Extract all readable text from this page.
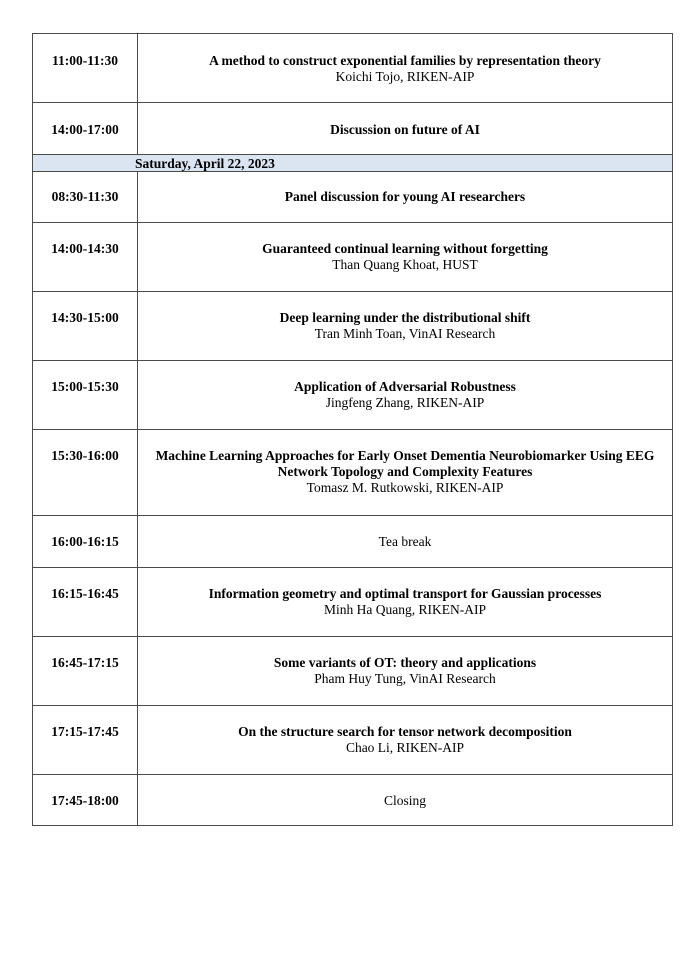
11:00-11:30	A method to construct exponential families by representation theory
Koichi Tojo, RIKEN-AIP

14:00-17:00	Discussion on future of AI

Saturday, April 22, 2023	

08:30-11:30	Panel discussion for young AI researchers

14:00-14:30	Guaranteed continual learning without forgetting
Than Quang Khoat, HUST

14:30-15:00	Deep learning under the distributional shift
Tran Minh Toan, VinAI Research

15:00-15:30	Application of Adversarial Robustness
Jingfeng Zhang, RIKEN-AIP

15:30-16:00	Machine Learning Approaches for Early Onset Dementia Neurobiomarker Using EEG Network Topology and Complexity Features
Tomasz M. Rutkowski, RIKEN-AIP

16:00-16:15	Tea break

16:15-16:45	Information geometry and optimal transport for Gaussian processes
Minh Ha Quang, RIKEN-AIP

16:45-17:15	Some variants of OT: theory and applications
Pham Huy Tung, VinAI Research

17:15-17:45	On the structure search for tensor network decomposition
Chao Li, RIKEN-AIP

17:45-18:00	Closing
